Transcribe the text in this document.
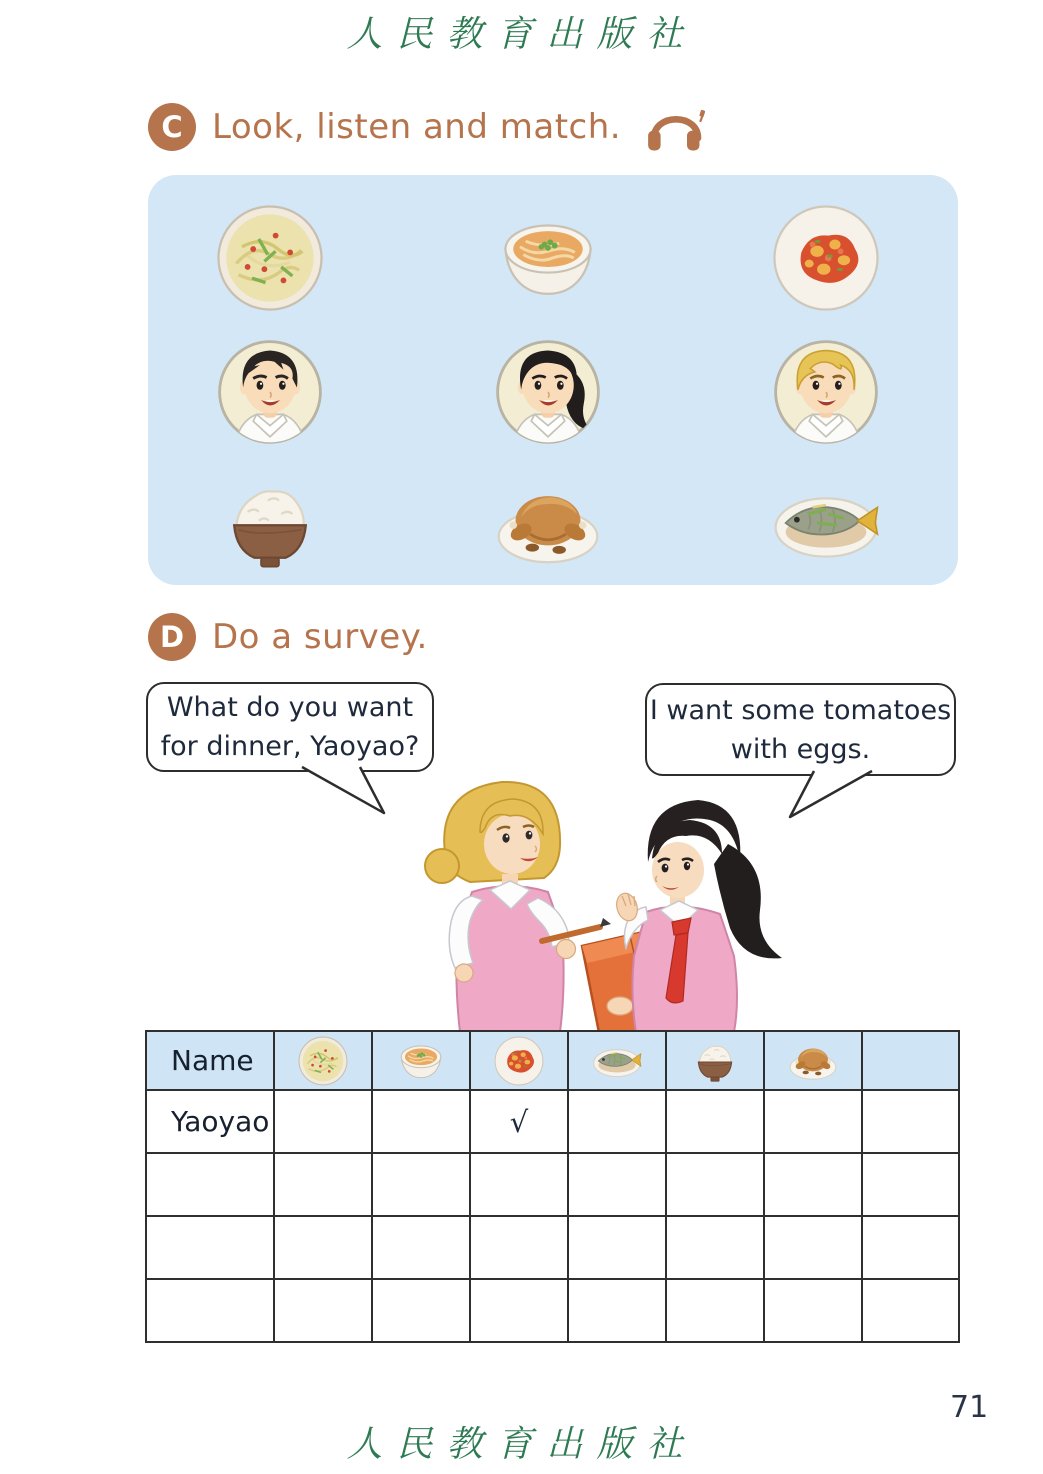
人民教育出版社
C Look, listen and match.
D Do a survey.
What do you want
for dinner, Yaoyao?
I want some tomatoes
with eggs.
Name							
Yaoyao			√				

71
人民教育出版社
